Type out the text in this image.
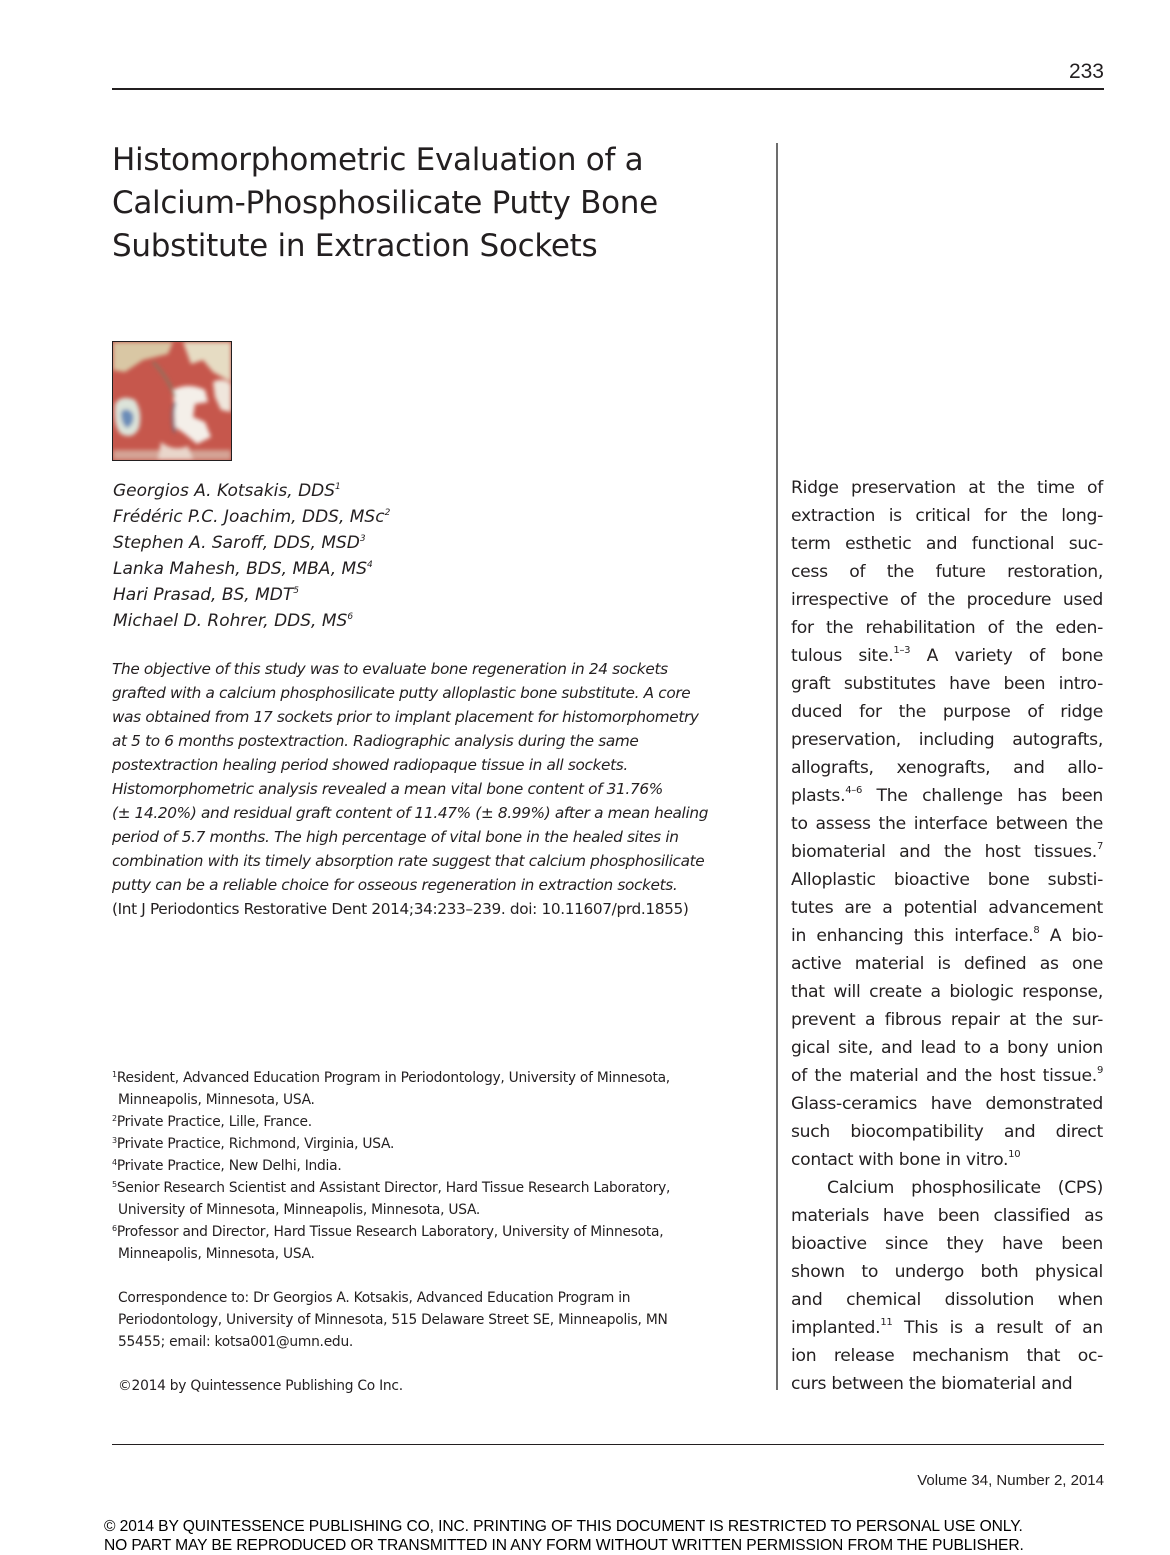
233
Histomorphometric Evaluation of a
Calcium-Phosphosilicate Putty Bone
Substitute in Extraction Sockets
Georgios A. Kotsakis, DDS$^1$
Frédéric P.C. Joachim, DDS, MSc$^2$
Stephen A. Saroff, DDS, MSD$^3$
Lanka Mahesh, BDS, MBA, $MS^4$
Hari Prasad, BS, MDT$^5$
Michael D. Rohrer, DDS, $MS^6$
The objective of this study was to evaluate bone regeneration in 24 sockets
grafted with a calcium phosphosilicate putty alloplastic bone substitute. A core
was obtained from 17 sockets prior to implant placement for histomorphometry
at 5 to 6 months postextraction. Radiographic analysis during the same
postextraction healing period showed radiopaque tissue in all sockets.
Histomorphometric analysis revealed a mean vital bone content of 31.76%
(± 14.20%) and residual graft content of 11.47% (± 8.99%) after a mean healing
period of 5.7 months. The high percentage of vital bone in the healed sites in
combination with its timely absorption rate suggest that calcium phosphosilicate
putty can be a reliable choice for osseous regeneration in extraction sockets.
(Int J Periodontics Restorative Dent 2014;34:233–239. doi: 10.11607/prd.1855)
$^1$Resident, Advanced Education Program in Periodontology, University of Minnesota,
Minneapolis, Minnesota, USA.
$^2$Private Practice, Lille, France.
$^3$Private Practice, Richmond, Virginia, USA.
$^4$Private Practice, New Delhi, India.
$^5$Senior Research Scientist and Assistant Director, Hard Tissue Research Laboratory,
University of Minnesota, Minneapolis, Minnesota, USA.
$^6$Professor and Director, Hard Tissue Research Laboratory, University of Minnesota,
Minneapolis, Minnesota, USA.
Correspondence to: Dr Georgios A. Kotsakis, Advanced Education Program in
Periodontology, University of Minnesota, 515 Delaware Street SE, Minneapolis, MN
55455; email: kotsa001@umn.edu.
©2014 by Quintessence Publishing Co Inc.
Ridge preservation at the time of
extraction is critical for the long-
term esthetic and functional suc-
cess of the future restoration,
irrespective of the procedure used
for the rehabilitation of the eden-
tulous site.$^{1-3}$ A variety of bone
graft substitutes have been intro-
duced for the purpose of ridge
preservation, including autografts,
allografts, xenografts, and allo-
plasts.$^{4-6}$ The challenge has been
to assess the interface between the
biomaterial and the host tissues.$^7$
Alloplastic bioactive bone substi-
tutes are a potential advancement
in enhancing this interface.$^8$ A bio-
active material is defined as one
that will create a biologic response,
prevent a fibrous repair at the sur-
gical site, and lead to a bony union
of the material and the host tissue.$^9$
Glass-ceramics have demonstrated
such biocompatibility and direct
contact with bone in vitro.$^{10}$
Calcium phosphosilicate (CPS)
materials have been classified as
bioactive since they have been
shown to undergo both physical
and chemical dissolution when
implanted.$^{11}$ This is a result of an
ion release mechanism that oc-
curs between the biomaterial and
Volume 34, Number 2, 2014
© 2014 BY QUINTESSENCE PUBLISHING CO, INC. PRINTING OF THIS DOCUMENT IS RESTRICTED TO PERSONAL USE ONLY.
NO PART MAY BE REPRODUCED OR TRANSMITTED IN ANY FORM WITHOUT WRITTEN PERMISSION FROM THE PUBLISHER.
